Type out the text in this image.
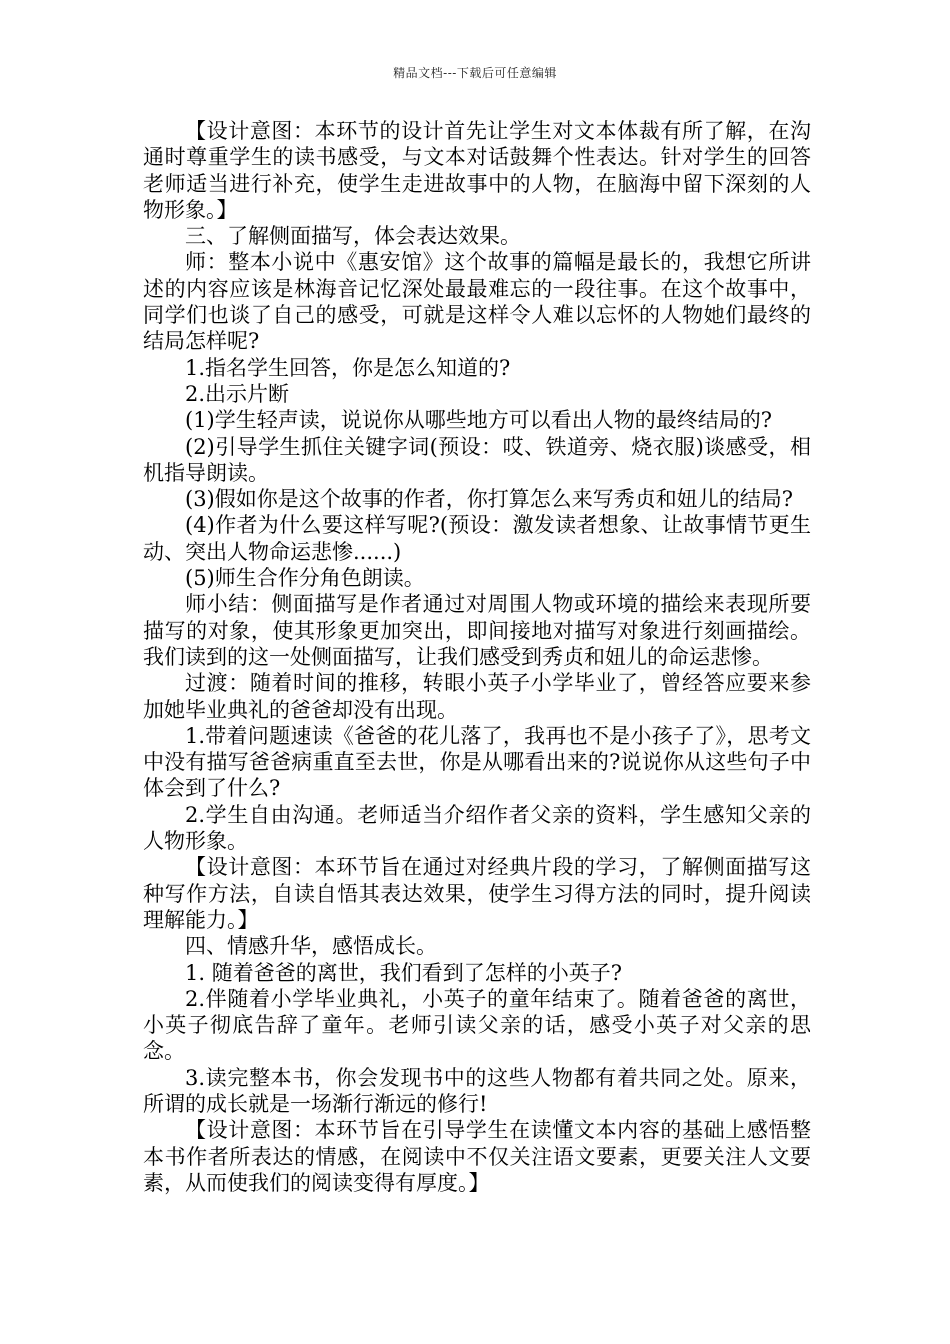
精品文档---下载后可任意编辑

【设计意图：本环节的设计首先让学生对文本体裁有所了解，在沟通时尊重学生的读书感受，与文本对话鼓舞个性表达。针对学生的回答老师适当进行补充，使学生走进故事中的人物，在脑海中留下深刻的人物形象。】

三、了解侧面描写，体会表达效果。

师：整本小说中《惠安馆》这个故事的篇幅是最长的，我想它所讲述的内容应该是林海音记忆深处最最难忘的一段往事。在这个故事中，同学们也谈了自己的感受，可就是这样令人难以忘怀的人物她们最终的结局怎样呢?

1.指名学生回答，你是怎么知道的?

2.出示片断

(1)学生轻声读，说说你从哪些地方可以看出人物的最终结局的?

(2)引导学生抓住关键字词(预设：哎、铁道旁、烧衣服)谈感受，相机指导朗读。

(3)假如你是这个故事的作者，你打算怎么来写秀贞和妞儿的结局?

(4)作者为什么要这样写呢?(预设：激发读者想象、让故事情节更生动、突出人物命运悲惨......)

(5)师生合作分角色朗读。

师小结：侧面描写是作者通过对周围人物或环境的描绘来表现所要描写的对象，使其形象更加突出，即间接地对描写对象进行刻画描绘。我们读到的这一处侧面描写，让我们感受到秀贞和妞儿的命运悲惨。

过渡：随着时间的推移，转眼小英子小学毕业了，曾经答应要来参加她毕业典礼的爸爸却没有出现。

1.带着问题速读《爸爸的花儿落了，我再也不是小孩子了》，思考文中没有描写爸爸病重直至去世，你是从哪看出来的?说说你从这些句子中体会到了什么?

2.学生自由沟通。老师适当介绍作者父亲的资料，学生感知父亲的人物形象。

【设计意图：本环节旨在通过对经典片段的学习，了解侧面描写这种写作方法，自读自悟其表达效果，使学生习得方法的同时，提升阅读理解能力。】

四、情感升华，感悟成长。

1. 随着爸爸的离世，我们看到了怎样的小英子?

2.伴随着小学毕业典礼，小英子的童年结束了。随着爸爸的离世，小英子彻底告辞了童年。老师引读父亲的话，感受小英子对父亲的思念。

3.读完整本书，你会发现书中的这些人物都有着共同之处。原来，所谓的成长就是一场渐行渐远的修行!

【设计意图：本环节旨在引导学生在读懂文本内容的基础上感悟整本书作者所表达的情感，在阅读中不仅关注语文要素，更要关注人文要素，从而使我们的阅读变得有厚度。】
